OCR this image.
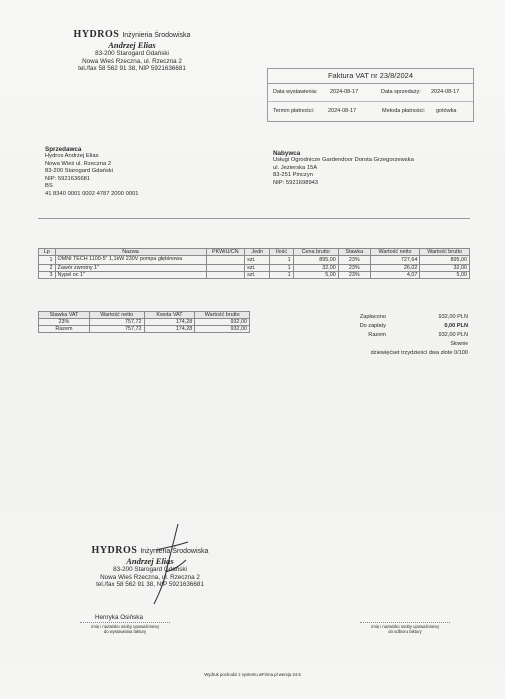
HYDROS Inżynieria Środowiska
Andrzej Elias
83-200 Starogard Gdański
Nowa Wieś Rzeczna, ul. Rzeczna 2
tel./fax 58 562 91 38, NIP 5921636681
Faktura VAT nr 23/8/2024
Data wystawienia: 2024-08-17	Data sprzedaży: 2024-08-17
Termin płatności: 2024-08-17	Metoda płatności: gotówka
Sprzedawca
Hydros Andrzej Elias
Nowa Wieś ul. Rzeczna 2
83-200 Starogard Gdański
NIP: 5921636681
BS
41 8340 0001 0002 4787 2000 0001
Nabywca
Usługi Ogrodnicze Gardendoor Dorota Grzegorzewska
ul. Jezierska 15A
83-251 Pinczyn
NIP: 5921698943
Lp	Nazwa	PKWiU/CN	Jedn	Ilość	Cena brutto	Stawka	Wartość netto	Wartość brutto
1	OMNI TECH 1100-5" 1,1kW 230V pompa głębinowa		szt.	1	895,00	23%	727,64	895,00
2	Zawór zwrotny 1"		szt.	1	32,00	23%	26,02	32,00
3	Nypel oc 1"		szt.	1	5,00	23%	4,07	5,00
Stawka VAT	Wartość netto	Kwota VAT	Wartość brutto
23%	757,72	174,28	932,00
Razem	757,72	174,28	932,00
Zapłacono	932,00 PLN
Do zapłaty	0,00 PLN
Razem	932,00 PLN
Słownie
dziewięćset trzydzieści dwa złote 0/100
HYDROS Inżynieria Środowiska
Andrzej Elias
83-200 Starogard Gdański
Nowa Wieś Rzeczna, ul. Rzeczna 2
tel./fax 58 562 91 38, NIP 5921636681
Henryka Osińska
Imię i nazwisko osoby upoważnionej
do wystawiania faktury
Imię i nazwisko osoby upoważnionej
do odbioru faktury
Wydruk pochodzi z systemu wFirma.pl wersja 24.6
